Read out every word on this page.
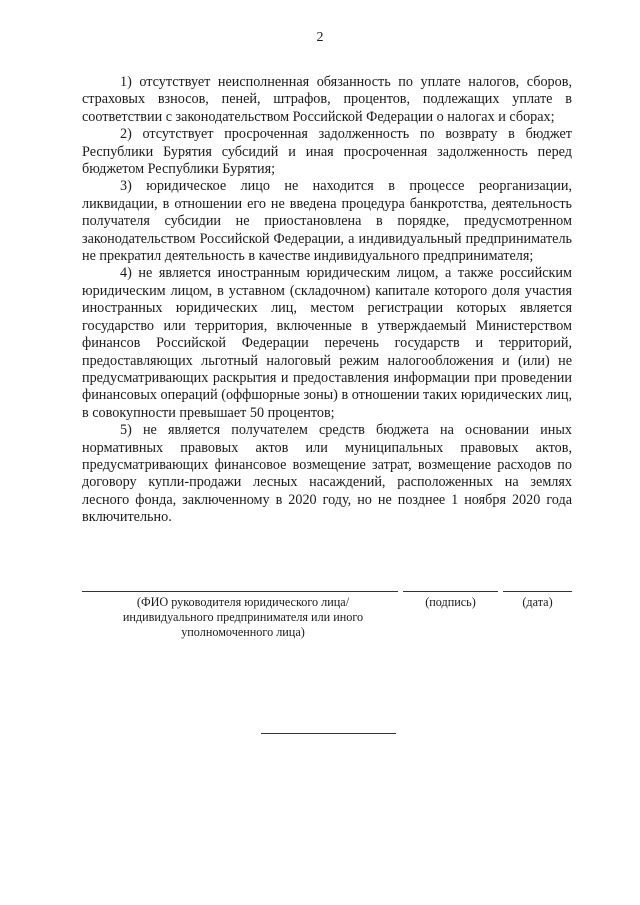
2

1) отсутствует неисполненная обязанность по уплате налогов, сборов, страховых взносов, пеней, штрафов, процентов, подлежащих уплате в соответствии с законодательством Российской Федерации о налогах и сборах;

2) отсутствует просроченная задолженность по возврату в бюджет Республики Бурятия субсидий и иная просроченная задолженность перед бюджетом Республики Бурятия;

3) юридическое лицо не находится в процессе реорганизации, ликвидации, в отношении его не введена процедура банкротства, деятельность получателя субсидии не приостановлена в порядке, предусмотренном законодательством Российской Федерации, а индивидуальный предприниматель не прекратил деятельность в качестве индивидуального предпринимателя;

4) не является иностранным юридическим лицом, а также российским юридическим лицом, в уставном (складочном) капитале которого доля участия иностранных юридических лиц, местом регистрации которых является государство или территория, включенные в утверждаемый Министерством финансов Российской Федерации перечень государств и территорий, предоставляющих льготный налоговый режим налогообложения и (или) не предусматривающих раскрытия и предоставления информации при проведении финансовых операций (оффшорные зоны) в отношении таких юридических лиц, в совокупности превышает 50 процентов;

5) не является получателем средств бюджета на основании иных нормативных правовых актов или муниципальных правовых актов, предусматривающих финансовое возмещение затрат, возмещение расходов по договору купли-продажи лесных насаждений, расположенных на землях лесного фонда, заключенному в 2020 году, но не позднее 1 ноября 2020 года включительно.

(ФИО руководителя юридического лица/ индивидуального предпринимателя или иного уполномоченного лица)
(подпись)	(дата)
